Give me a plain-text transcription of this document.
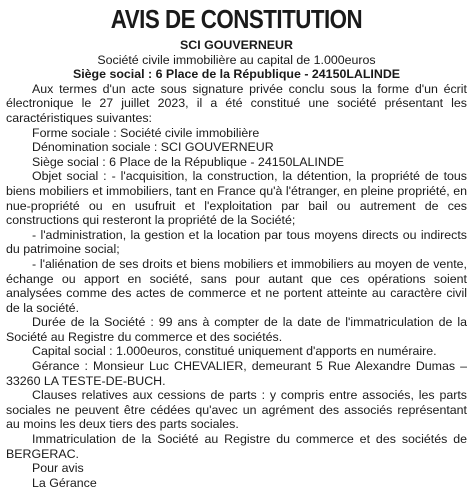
AVIS DE CONSTITUTION
SCI GOUVERNEUR
Société civile immobilière au capital de 1.000euros
Siège social : 6 Place de la République - 24150LALINDE

Aux termes d'un acte sous signature privée conclu sous la forme d'un écrit électronique le 27 juillet 2023, il a été constitué une société présentant les caractéristiques suivantes:

Forme sociale : Société civile immobilière
Dénomination sociale : SCI GOUVERNEUR
Siège social : 6 Place de la République - 24150LALINDE

Objet social : - l'acquisition, la construction, la détention, la propriété de tous biens mobiliers et immobiliers, tant en France qu'à l'étranger, en pleine propriété, en nue-propriété ou en usufruit et l'exploitation par bail ou autrement de ces constructions qui resteront la propriété de la Société;

- l'administration, la gestion et la location par tous moyens directs ou indirects du patrimoine social;

- l'aliénation de ses droits et biens mobiliers et immobiliers au moyen de vente, échange ou apport en société, sans pour autant que ces opérations soient analysées comme des actes de commerce et ne portent atteinte au caractère civil de la société.

Durée de la Société : 99 ans à compter de la date de l'immatriculation de la Société au Registre du commerce et des sociétés.

Capital social : 1.000euros, constitué uniquement d'apports en numéraire.

Gérance : Monsieur Luc CHEVALIER, demeurant 5 Rue Alexandre Dumas – 33260 LA TESTE-DE-BUCH.

Clauses relatives aux cessions de parts : y compris entre associés, les parts sociales ne peuvent être cédées qu'avec un agrément des associés représentant au moins les deux tiers des parts sociales.

Immatriculation de la Société au Registre du commerce et des sociétés de BERGERAC.

Pour avis
La Gérance
